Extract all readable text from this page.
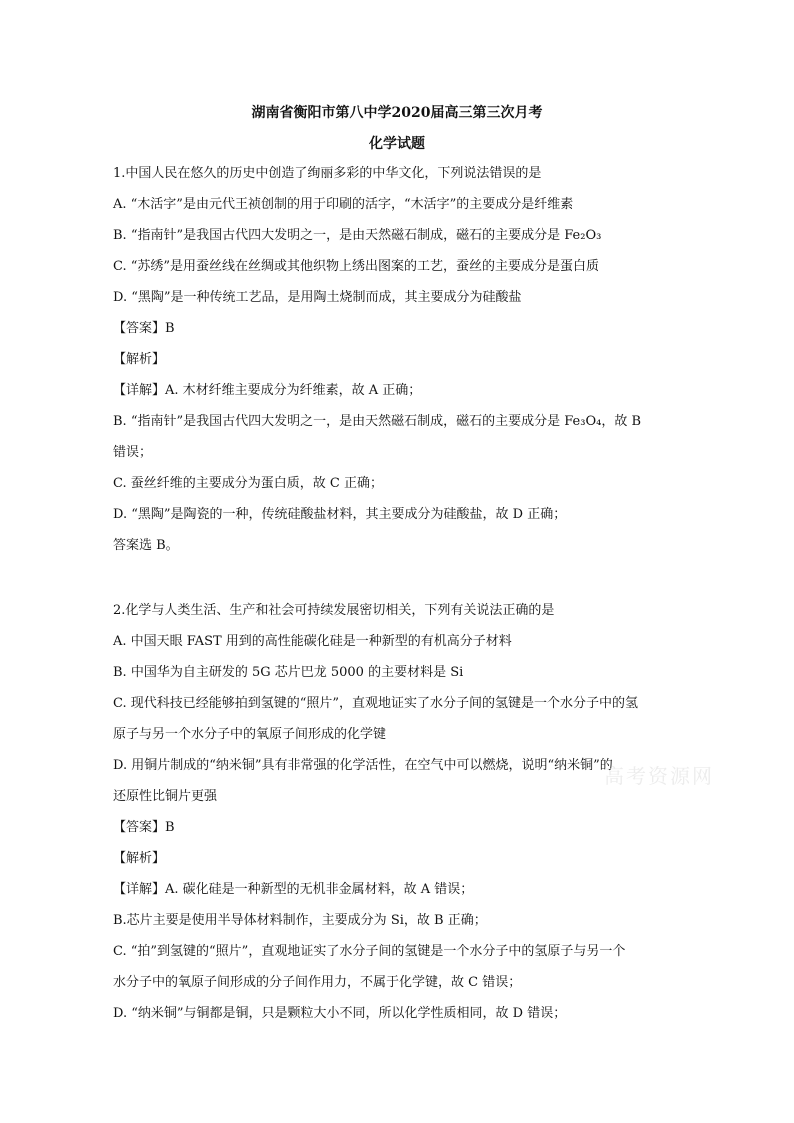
湖南省衡阳市第八中学2020届高三第三次月考
化学试题
1.中国人民在悠久的历史中创造了绚丽多彩的中华文化，下列说法错误的是
A. “木活字”是由元代王祯创制的用于印刷的活字，“木活字”的主要成分是纤维素
B. “指南针”是我国古代四大发明之一，是由天然磁石制成，磁石的主要成分是 Fe₂O₃
C. “苏绣”是用蚕丝线在丝绸或其他织物上绣出图案的工艺，蚕丝的主要成分是蛋白质
D. “黑陶”是一种传统工艺品，是用陶土烧制而成，其主要成分为硅酸盐
【答案】B
【解析】
【详解】A. 木材纤维主要成分为纤维素，故 A 正确；
B. “指南针”是我国古代四大发明之一，是由天然磁石制成，磁石的主要成分是 Fe₃O₄，故 B
错误；
C. 蚕丝纤维的主要成分为蛋白质，故 C 正确；
D. “黑陶”是陶瓷的一种，传统硅酸盐材料，其主要成分为硅酸盐，故 D 正确；
答案选 B。
2.化学与人类生活、生产和社会可持续发展密切相关，下列有关说法正确的是
A. 中国天眼 FAST 用到的高性能碳化硅是一种新型的有机高分子材料
B. 中国华为自主研发的 5G 芯片巴龙 5000 的主要材料是 Si
C. 现代科技已经能够拍到氢键的“照片”，直观地证实了水分子间的氢键是一个水分子中的氢
原子与另一个水分子中的氧原子间形成的化学键
D. 用铜片制成的“纳米铜”具有非常强的化学活性，在空气中可以燃烧，说明“纳米铜”的
还原性比铜片更强
【答案】B
【解析】
【详解】A. 碳化硅是一种新型的无机非金属材料，故 A 错误；
B.芯片主要是使用半导体材料制作，主要成分为 Si，故 B 正确；
C. “拍”到氢键的“照片”，直观地证实了水分子间的氢键是一个水分子中的氢原子与另一个
水分子中的氧原子间形成的分子间作用力，不属于化学键，故 C 错误；
D. “纳米铜”与铜都是铜，只是颗粒大小不同，所以化学性质相同，故 D 错误；
高考资源网
